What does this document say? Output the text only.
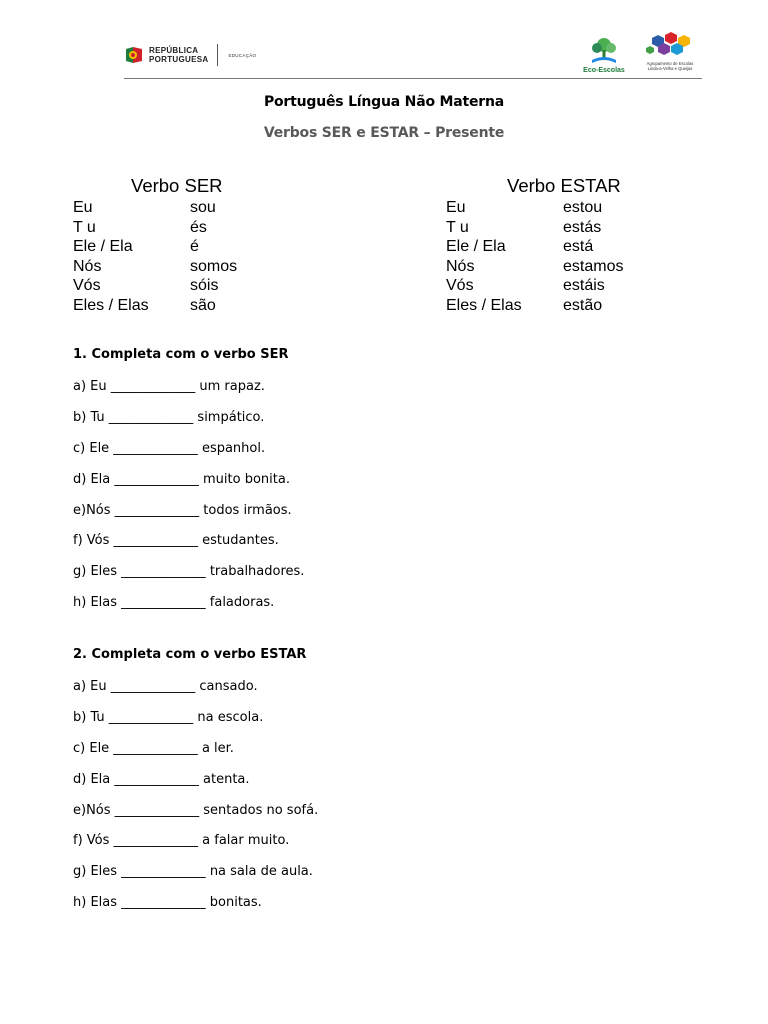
REPÚBLICA
PORTUGUESA	EDUCAÇÃO
Eco-Escolas
Agrupamento de Escolas
Linda-a-Velha e Queijas
Português Língua Não Materna
Verbos SER e ESTAR – Presente
Verbo SER
Eu	sou
T u	és
Ele / Ela	é
Nós	somos
Vós	sóis
Eles / Elas	são
Verbo ESTAR
Eu	estou
T u	estás
Ele / Ela	está
Nós	estamos
Vós	estáis
Eles / Elas	estão
1. Completa com o verbo SER
a) Eu _____________ um rapaz.
b) Tu _____________ simpático.
c) Ele _____________ espanhol.
d) Ela _____________ muito bonita.
e)Nós _____________ todos irmãos.
f) Vós _____________ estudantes.
g) Eles _____________ trabalhadores.
h) Elas _____________ faladoras.
2. Completa com o verbo ESTAR
a) Eu _____________ cansado.
b) Tu _____________ na escola.
c) Ele _____________ a ler.
d) Ela _____________ atenta.
e)Nós _____________ sentados no sofá.
f) Vós _____________ a falar muito.
g) Eles _____________ na sala de aula.
h) Elas _____________ bonitas.
